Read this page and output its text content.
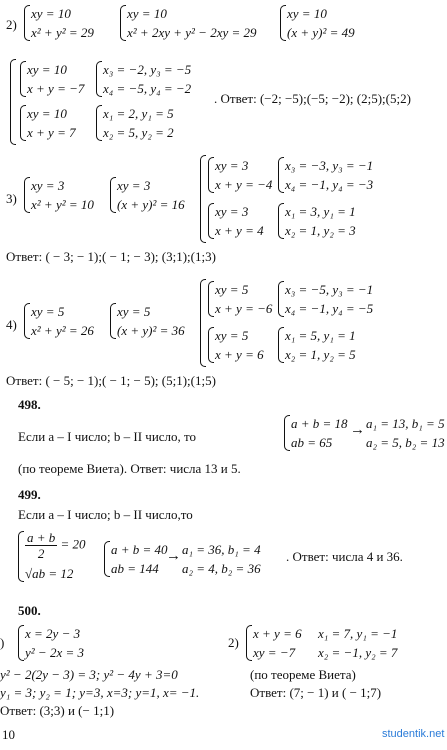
2)
xy = 10
x² + y² = 29
xy = 10
x² + 2xy + y² − 2xy = 29
xy = 10
(x + y)² = 49
xy = 10
x + y = −7
x₃ = −2, y₃ = −5
x₄ = −5, y₄ = −2
. Ответ: (−2; −5);(−5; −2); (2;5);(5;2)
xy = 10
x + y = 7
x₁ = 2, y₁ = 5
x₂ = 5, y₂ = 2
3)
xy = 3
x² + y² = 10
xy = 3
(x + y)² = 16
xy = 3
x + y = −4
x₃ = −3, y₃ = −1
x₄ = −1, y₄ = −3
xy = 3
x + y = 4
x₁ = 3, y₁ = 1
x₂ = 1, y₂ = 3
Ответ: ( − 3; − 1);( − 1; − 3); (3;1);(1;3)
4)
xy = 5
x² + y² = 26
xy = 5
(x + y)² = 36
xy = 5
x + y = −6
x₃ = −5, y₃ = −1
x₄ = −1, y₄ = −5
xy = 5
x + y = 6
x₁ = 5, y₁ = 1
x₂ = 1, y₂ = 5
Ответ: ( − 5; − 1);( − 1; − 5); (5;1);(1;5)
498.
Если a – I число; b – II число, то
a + b = 18
ab = 65
→ a₁ = 13, b₁ = 5
a₂ = 5, b₂ = 13
(по теореме Виета). Ответ: числа 13 и 5.
499.
Если a – I число; b – II число,то
$\frac{a + b}{2} = 20$
√ab = 12
a + b = 40
ab = 144
→ a₁ = 36, b₁ = 4
a₂ = 4, b₂ = 36
. Ответ: числа 4 и 36.
500.
)
x = 2y − 3
y² − 2x = 3
y² − 2(2y − 3) = 3; y² − 4y + 3=0
y₁ = 3; y₂ = 1; y=3, x=3; y=1, x= −1.
Ответ: (3;3) и (− 1;1)
2)
x + y = 6
xy = −7
x₁ = 7, y₁ = −1
x₂ = −1, y₂ = 7
(по теореме Виета)
Ответ: (7; − 1) и ( − 1;7)
10	studentik.net
